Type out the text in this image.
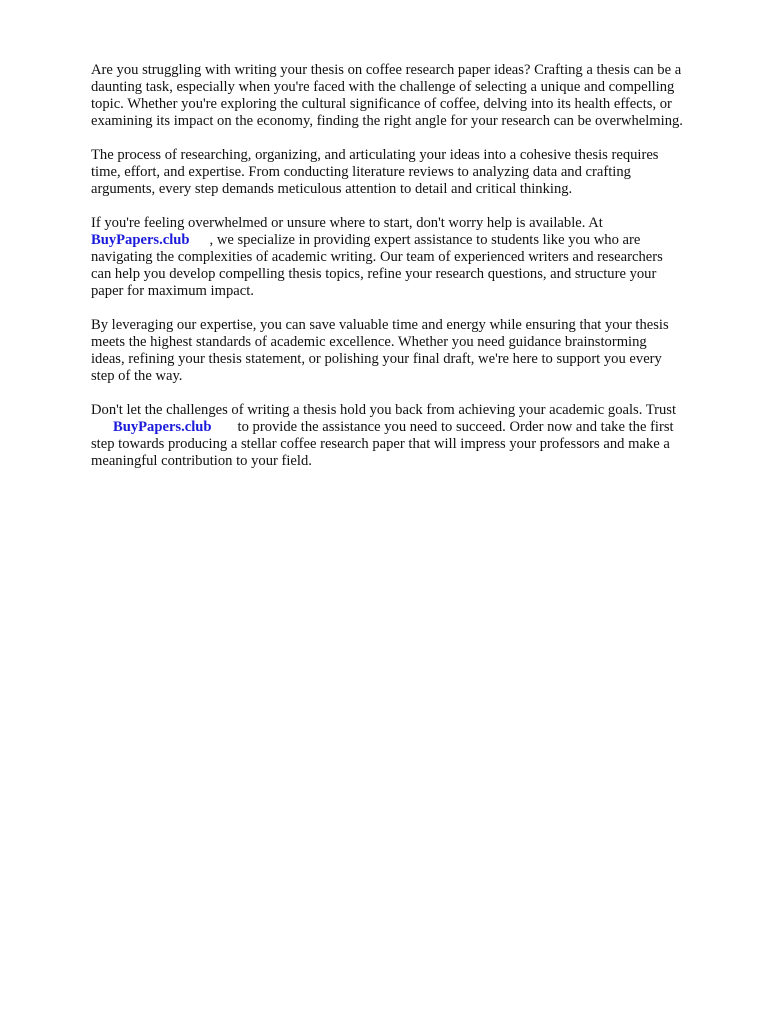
Are you struggling with writing your thesis on coffee research paper ideas? Crafting a thesis can be a
daunting task, especially when you're faced with the challenge of selecting a unique and compelling
topic. Whether you're exploring the cultural significance of coffee, delving into its health effects, or
examining its impact on the economy, finding the right angle for your research can be overwhelming.

The process of researching, organizing, and articulating your ideas into a cohesive thesis requires
time, effort, and expertise. From conducting literature reviews to analyzing data and crafting
arguments, every step demands meticulous attention to detail and critical thinking.

If you're feeling overwhelmed or unsure where to start, don't worry help is available. At
BuyPapers.club , we specialize in providing expert assistance to students like you who are
navigating the complexities of academic writing. Our team of experienced writers and researchers
can help you develop compelling thesis topics, refine your research questions, and structure your
paper for maximum impact.

By leveraging our expertise, you can save valuable time and energy while ensuring that your thesis
meets the highest standards of academic excellence. Whether you need guidance brainstorming
ideas, refining your thesis statement, or polishing your final draft, we're here to support you every
step of the way.

Don't let the challenges of writing a thesis hold you back from achieving your academic goals. Trust
BuyPapers.club to provide the assistance you need to succeed. Order now and take the first
step towards producing a stellar coffee research paper that will impress your professors and make a
meaningful contribution to your field.
